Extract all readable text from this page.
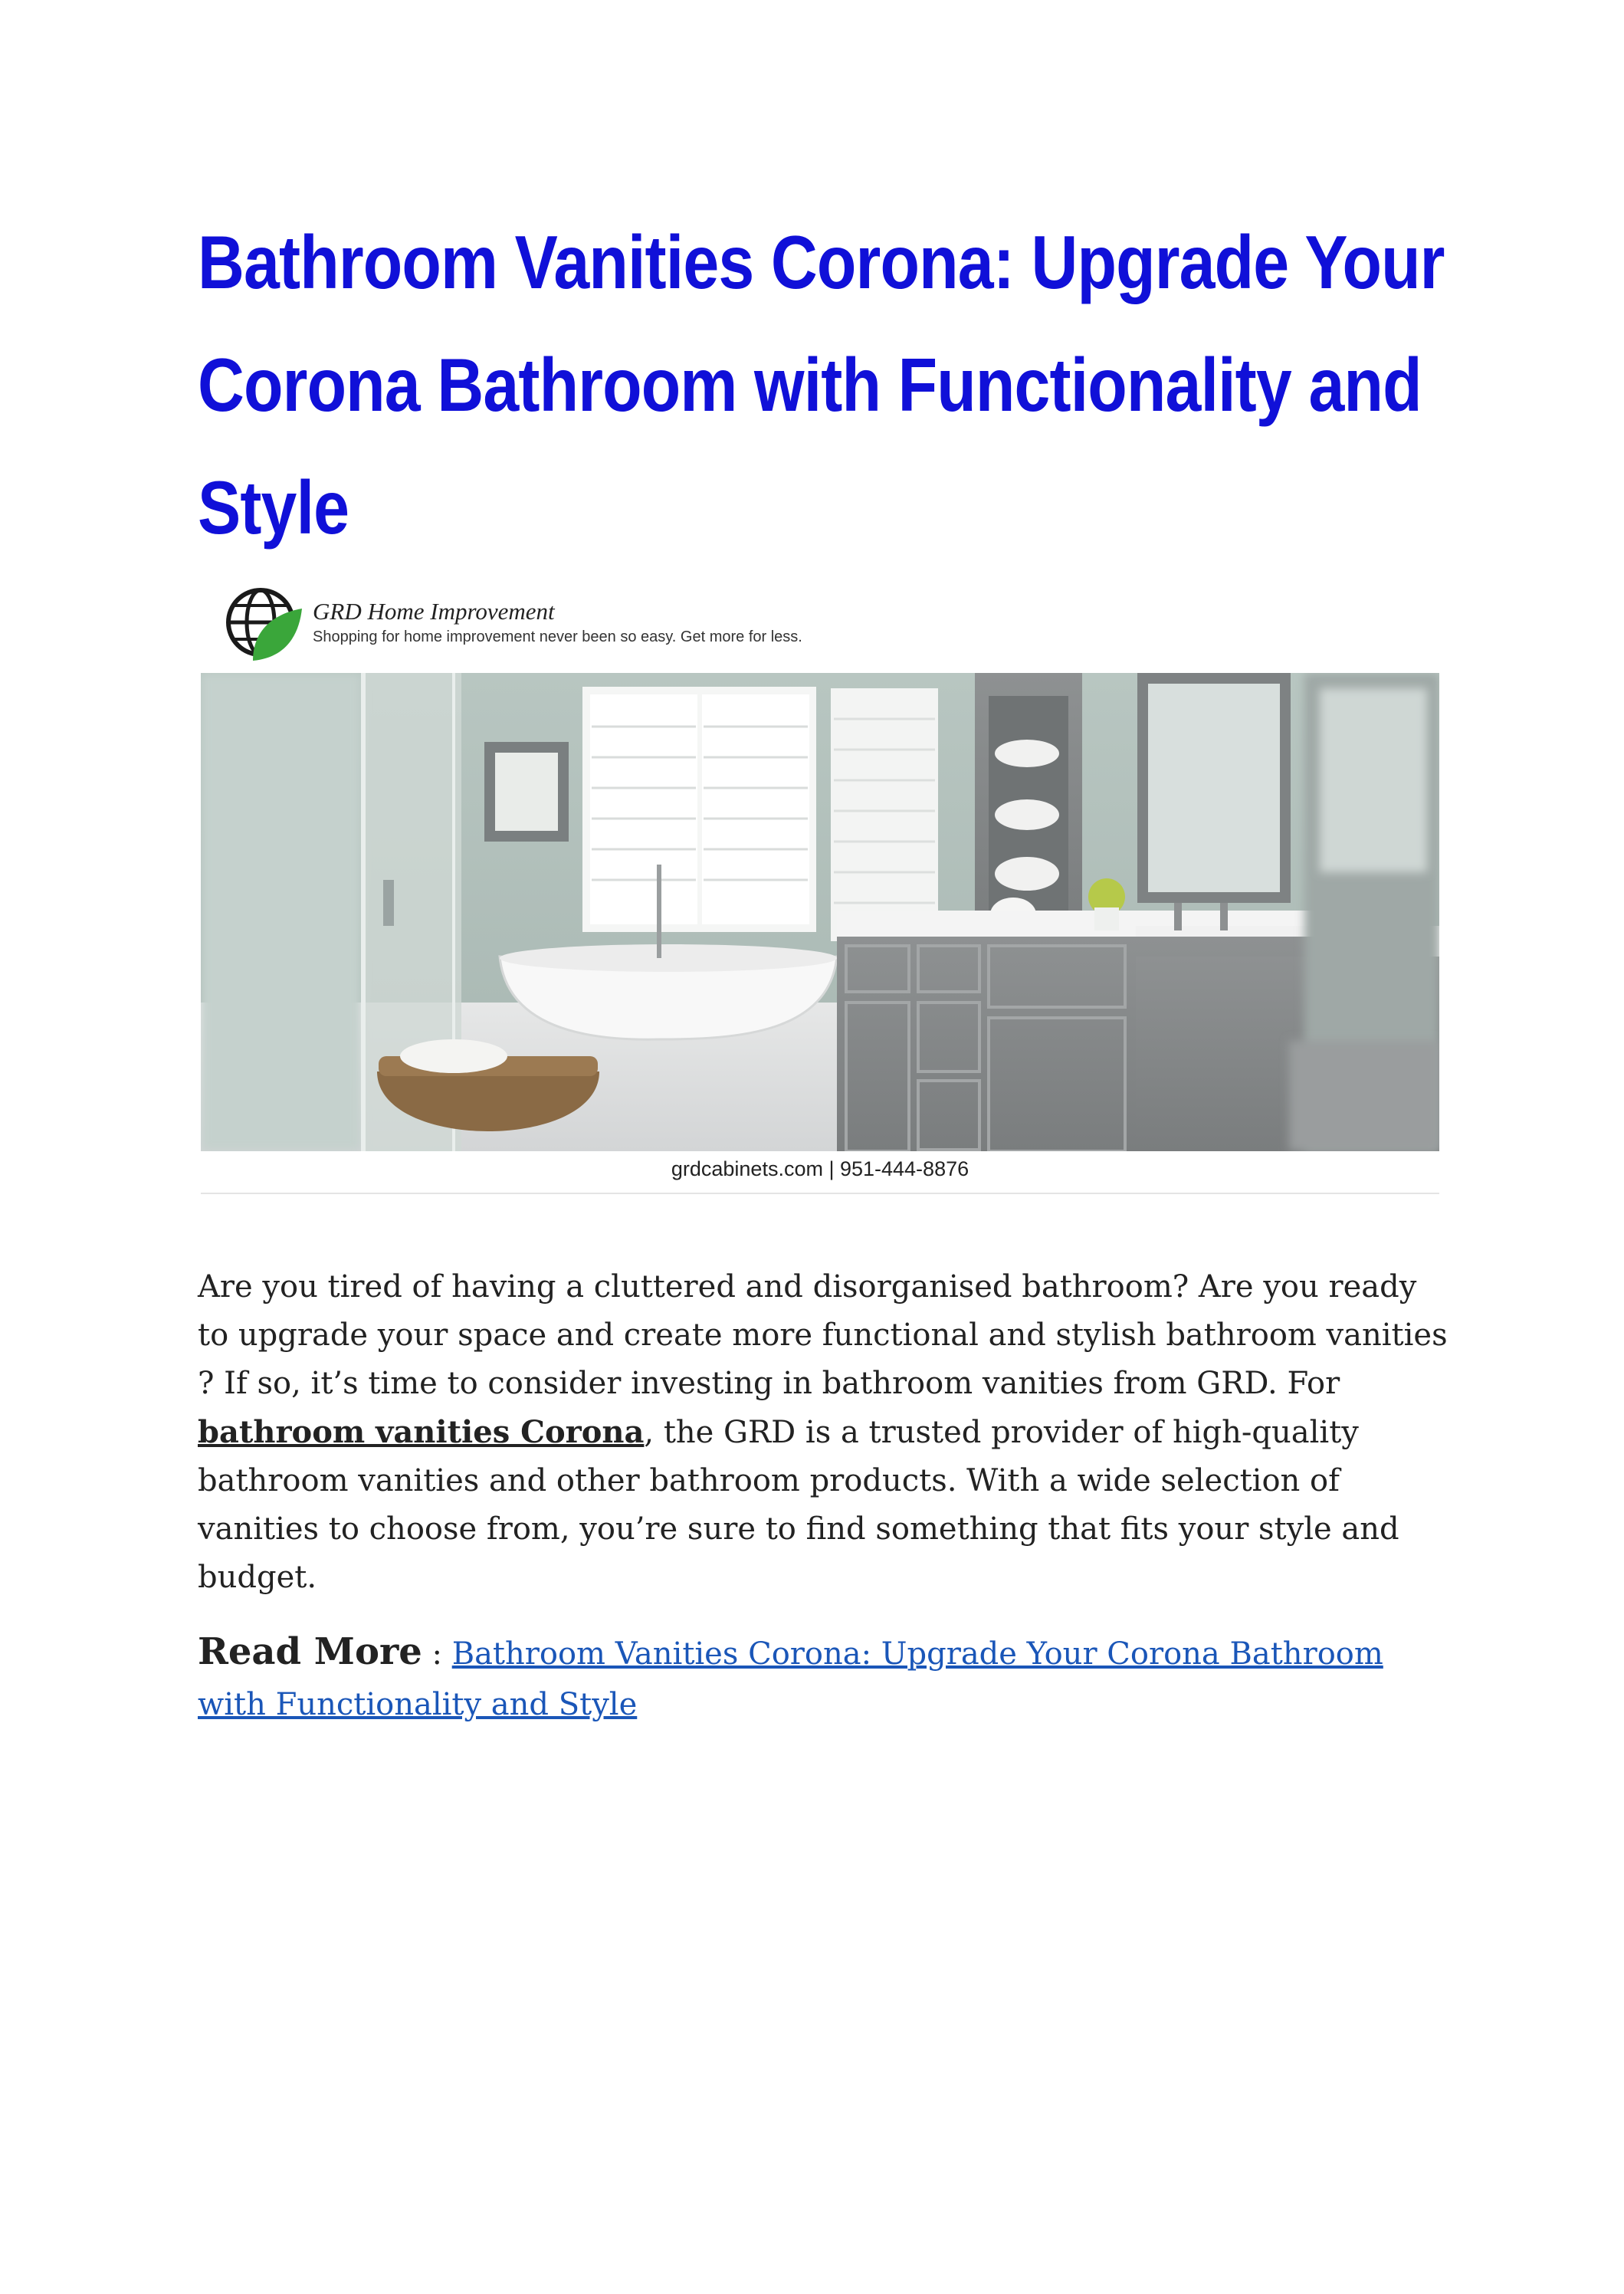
Bathroom Vanities Corona: Upgrade Your
Corona Bathroom with Functionality and
Style
GRD Home Improvement
Shopping for home improvement never been so easy. Get more for less.
grdcabinets.com | 951-444-8876

Are you tired of having a cluttered and disorganised bathroom? Are you ready to upgrade your space and create more functional and stylish bathroom vanities ? If so, it’s time to consider investing in bathroom vanities from GRD. For bathroom vanities Corona, the GRD is a trusted provider of high-quality bathroom vanities and other bathroom products. With a wide selection of vanities to choose from, you’re sure to find something that fits your style and budget.

Read More : Bathroom Vanities Corona: Upgrade Your Corona Bathroom with Functionality and Style
